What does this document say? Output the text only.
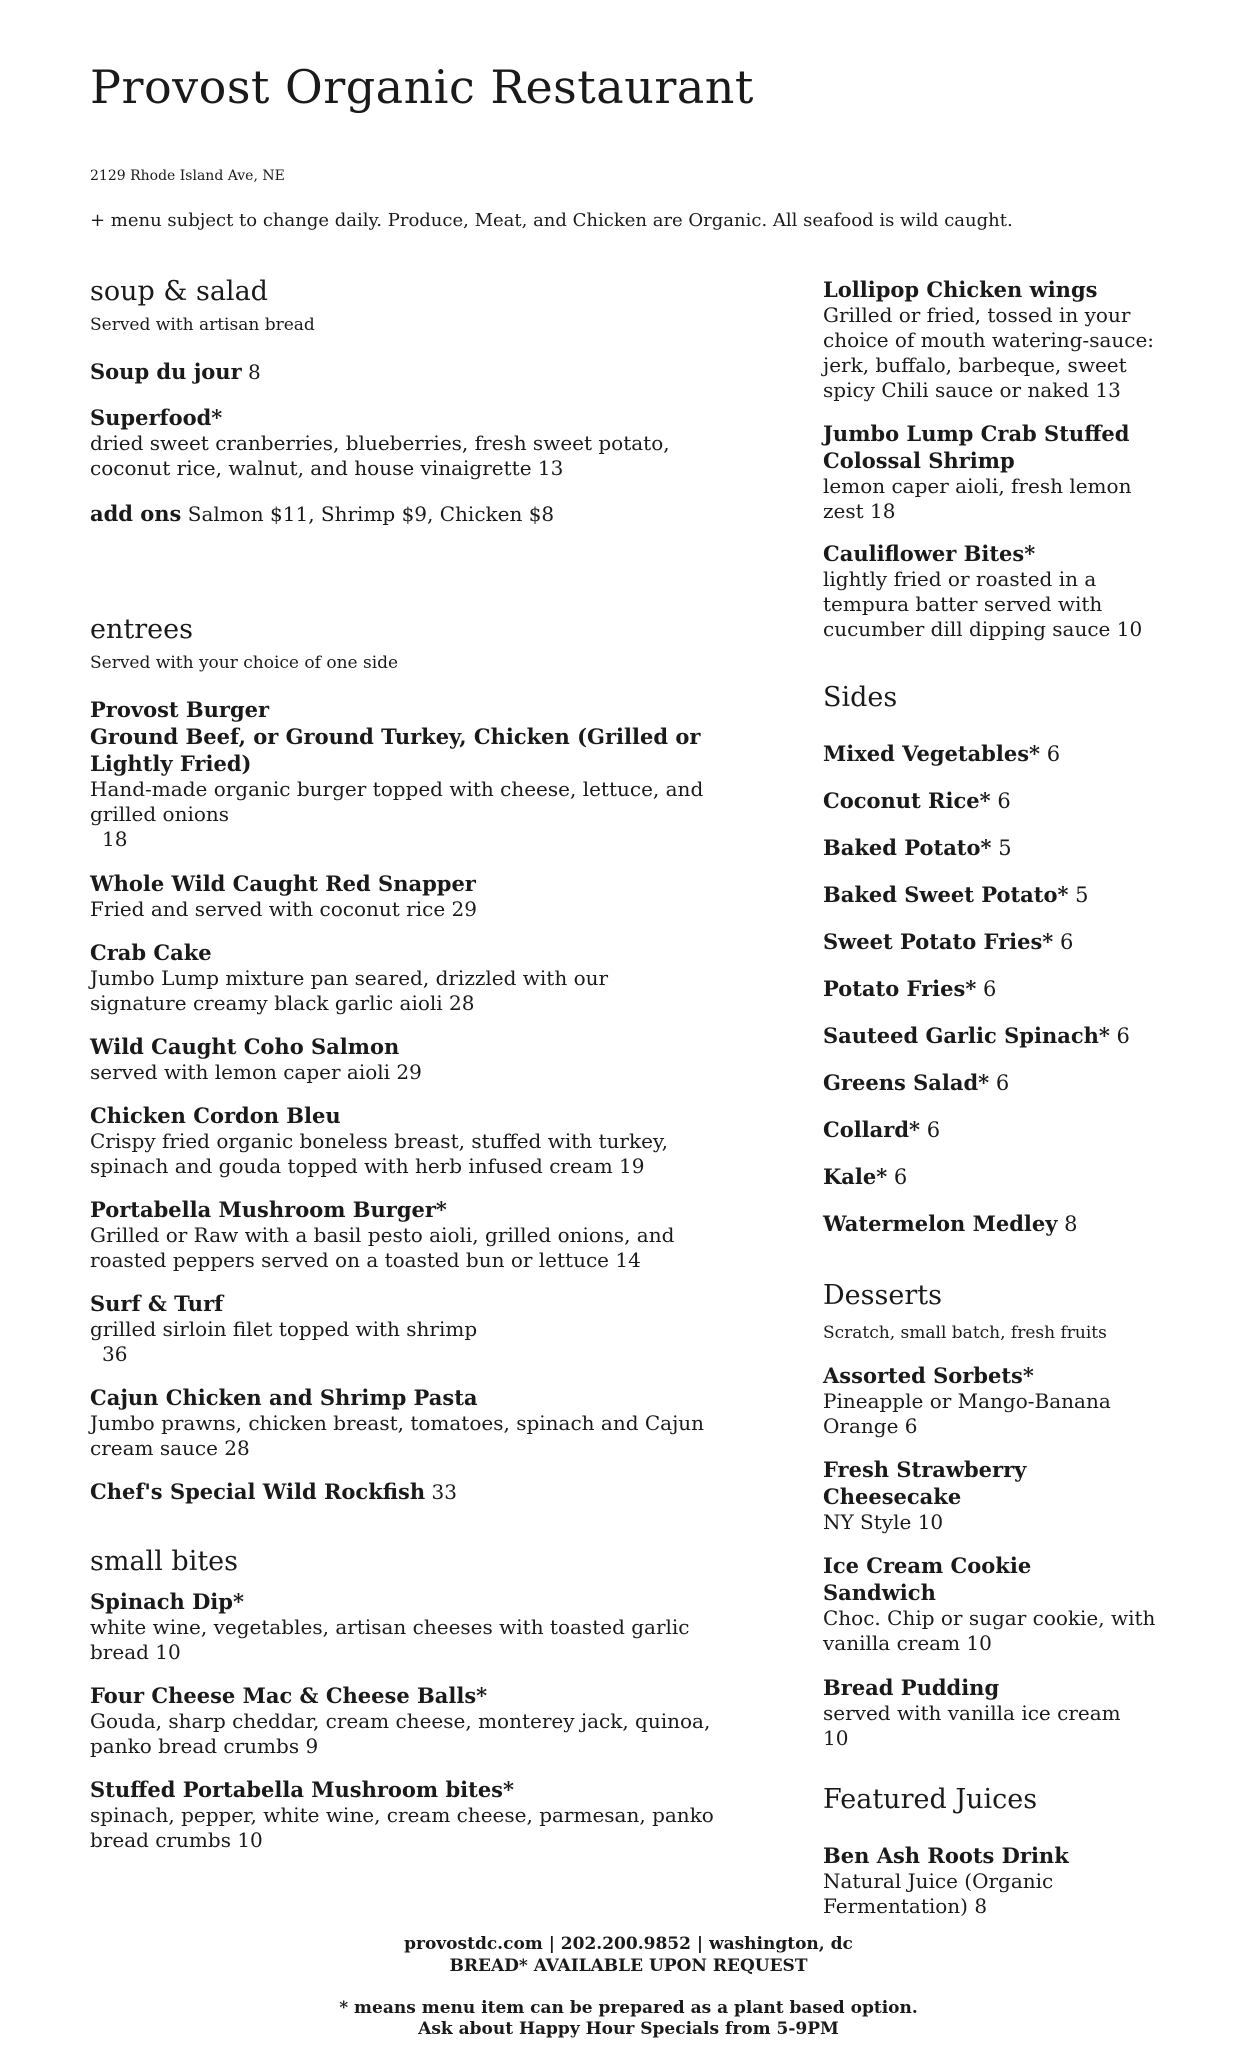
Provost Organic Restaurant
2129 Rhode Island Ave, NE
+ menu subject to change daily. Produce, Meat, and Chicken are Organic. All seafood is wild caught.
soup & salad
Served with artisan bread
Soup du jour 8
Superfood*
dried sweet cranberries, blueberries, fresh sweet potato,
coconut rice, walnut, and house vinaigrette 13
add ons Salmon $11, Shrimp $9, Chicken $8
entrees
Served with your choice of one side
Provost Burger
Ground Beef, or Ground Turkey, Chicken (Grilled or
Lightly Fried)
Hand-made organic burger topped with cheese, lettuce, and
grilled onions
18
Whole Wild Caught Red Snapper
Fried and served with coconut rice 29
Crab Cake
Jumbo Lump mixture pan seared, drizzled with our
signature creamy black garlic aioli 28
Wild Caught Coho Salmon
served with lemon caper aioli 29
Chicken Cordon Bleu
Crispy fried organic boneless breast, stuffed with turkey,
spinach and gouda topped with herb infused cream 19
Portabella Mushroom Burger*
Grilled or Raw with a basil pesto aioli, grilled onions, and
roasted peppers served on a toasted bun or lettuce 14
Surf & Turf
grilled sirloin filet topped with shrimp
36
Cajun Chicken and Shrimp Pasta
Jumbo prawns, chicken breast, tomatoes, spinach and Cajun
cream sauce 28
Chef's Special Wild Rockfish 33
small bites
Spinach Dip*
white wine, vegetables, artisan cheeses with toasted garlic
bread 10
Four Cheese Mac & Cheese Balls*
Gouda, sharp cheddar, cream cheese, monterey jack, quinoa,
panko bread crumbs 9
Stuffed Portabella Mushroom bites*
spinach, pepper, white wine, cream cheese, parmesan, panko
bread crumbs 10
Lollipop Chicken wings
Grilled or fried, tossed in your
choice of mouth watering-sauce:
jerk, buffalo, barbeque, sweet
spicy Chili sauce or naked 13
Jumbo Lump Crab Stuffed
Colossal Shrimp
lemon caper aioli, fresh lemon
zest 18
Cauliflower Bites*
lightly fried or roasted in a
tempura batter served with
cucumber dill dipping sauce 10
Sides
Mixed Vegetables* 6
Coconut Rice* 6
Baked Potato* 5
Baked Sweet Potato* 5
Sweet Potato Fries* 6
Potato Fries* 6
Sauteed Garlic Spinach* 6
Greens Salad* 6
Collard* 6
Kale* 6
Watermelon Medley 8
Desserts
Scratch, small batch, fresh fruits
Assorted Sorbets*
Pineapple or Mango-Banana
Orange 6
Fresh Strawberry
Cheesecake
NY Style 10
Ice Cream Cookie
Sandwich
Choc. Chip or sugar cookie, with
vanilla cream 10
Bread Pudding
served with vanilla ice cream
10
Featured Juices
Ben Ash Roots Drink
Natural Juice (Organic
Fermentation) 8
provostdc.com | 202.200.9852 | washington, dc
BREAD* AVAILABLE UPON REQUEST
* means menu item can be prepared as a plant based option.
Ask about Happy Hour Specials from 5-9PM
